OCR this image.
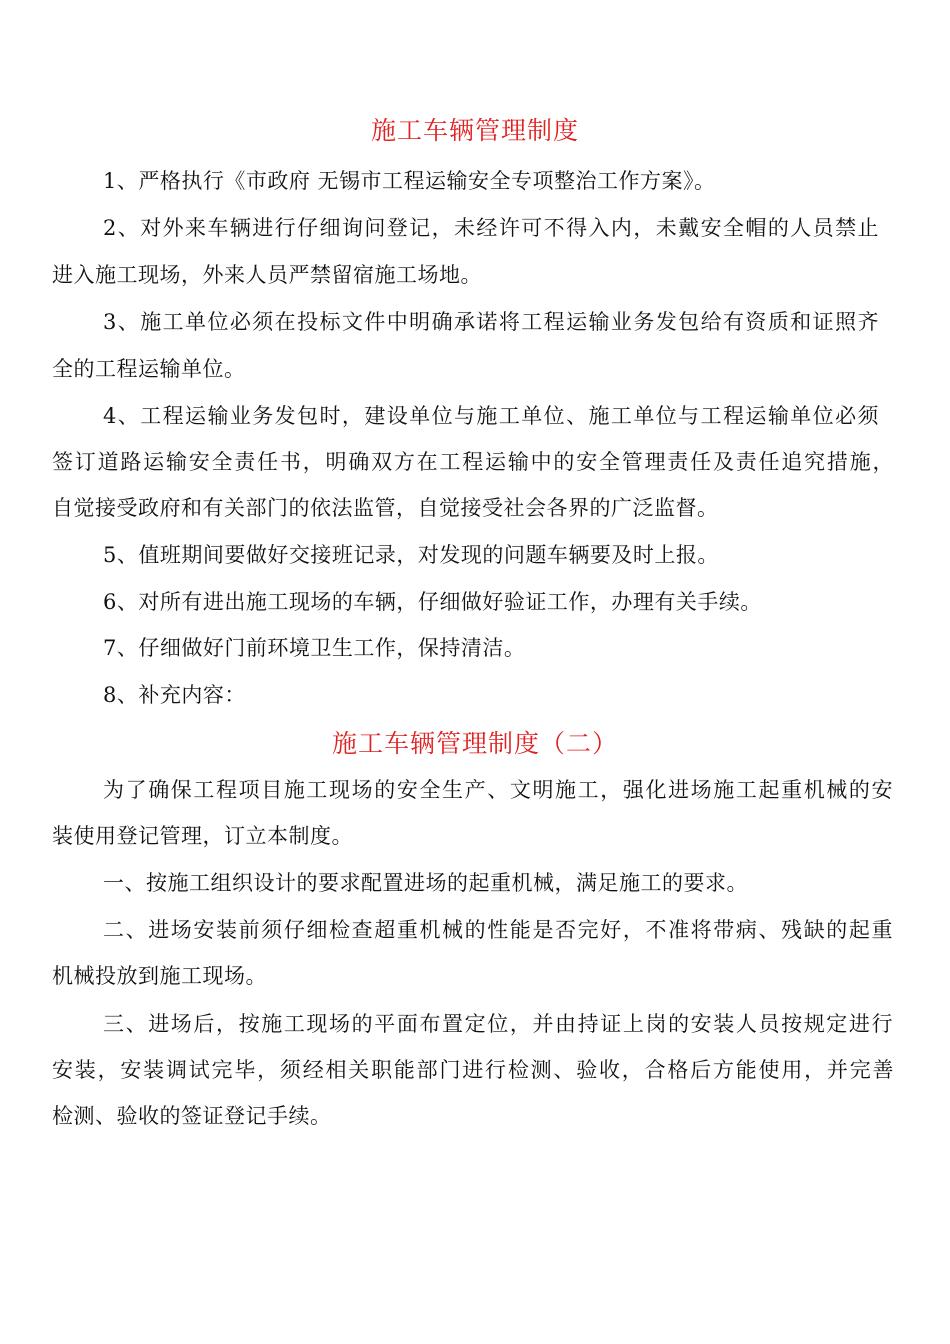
施工车辆管理制度
1、严格执行《市政府 无锡市工程运输安全专项整治工作方案》。
2、对外来车辆进行仔细询问登记，未经许可不得入内，未戴安全帽的人员禁止
进入施工现场，外来人员严禁留宿施工场地。
3、施工单位必须在投标文件中明确承诺将工程运输业务发包给有资质和证照齐
全的工程运输单位。
4、工程运输业务发包时，建设单位与施工单位、施工单位与工程运输单位必须
签订道路运输安全责任书，明确双方在工程运输中的安全管理责任及责任追究措施，
自觉接受政府和有关部门的依法监管，自觉接受社会各界的广泛监督。
5、值班期间要做好交接班记录，对发现的问题车辆要及时上报。
6、对所有进出施工现场的车辆，仔细做好验证工作，办理有关手续。
7、仔细做好门前环境卫生工作，保持清洁。
8、补充内容：
施工车辆管理制度（二）
为了确保工程项目施工现场的安全生产、文明施工，强化进场施工起重机械的安
装使用登记管理，订立本制度。
一、按施工组织设计的要求配置进场的起重机械，满足施工的要求。
二、进场安装前须仔细检查超重机械的性能是否完好，不准将带病、残缺的起重
机械投放到施工现场。
三、进场后，按施工现场的平面布置定位，并由持证上岗的安装人员按规定进行
安装，安装调试完毕，须经相关职能部门进行检测、验收，合格后方能使用，并完善
检测、验收的签证登记手续。
